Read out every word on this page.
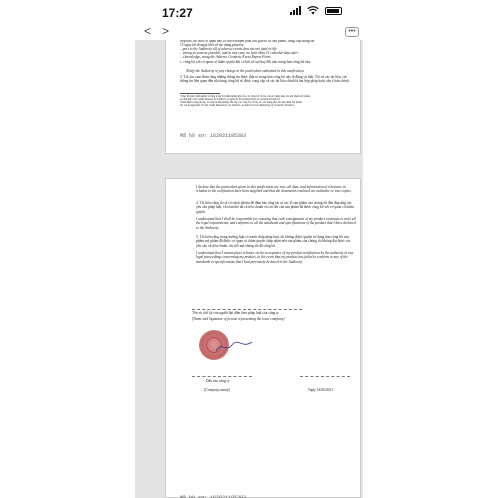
17:27
< >	•••
hợp nào, thì mỗi cơ quan này có trách nhiệm phải lưu giữ hồ sơ sản phẩm, cung cấp thông tin
15 ngày kể từ ngày biết về tác dụng phụ này.
...port to the Authority all of adverse events that are not fatal or life
...tening as soon as possible, and in any case, no later than 15 calendar days after
...t knowledge, using the Adverse Cosmetic Event Report Form;
c. công bố với cơ quan có thẩm quyền khi có bất cứ sự thay đổi nào trong bản công bố này.
Notify the Authority of any change in the particulars submitted in this notification.
3. Tôi xin cam đoan rằng những thông tin được đưa ra trong bản công bố này là đúng sự thật. Tôi và các tài liệu, các thông tin liên quan đến nội dung công bố sẽ được cung cấp và các tài liệu chính là hai hợp pháp hoặc sẵn ý bản chính.
¹ Mục đã được định nghĩa về rằng trong Tài liệu hướng dẫn cho các công bố về báo cáo tác dụng phụ của sản phẩm mỹ phẩm.
As defined in the Guide Manual for Industry on Adverse Event Reporting of Cosmetics Products
² Định hiện trong phụ lục I trong tài liệu hướng dẫn cho các công bố về báo cáo tác dụng phụ của sản phẩm mỹ phẩm.
Set out in Appendix I in the Guide Manual for the Industry on Adverse Event Reporting of Cosmetics Products
Mã hồ sơ: 162021185383
I declare that the particulars given in this notification are true, all data, and information of relevance in relation to the notification have been supplied and that the documents enclosed are authentic or true copies.
4. Tôi hiểu rằng tôi sẽ có trách nhiệm để đảm bảo rằng tất cả các lô sản phẩm của chúng tôi đều đáp ứng các yêu cầu pháp luật, và toàn thể tất cả tiêu chuẩn và chi tiết của sản phẩm đã được công bố với cơ quan có thẩm quyền.
I understand that I shall be responsible for ensuring that each consignment of my product continues to meet all the legal requirements, and conforms to all the standards and specifications of the product that I have declared to the Authority.
5. Tôi hiểu rằng trong trường hợp có tranh chấp pháp luật, tôi không được quyền sử dụng bản công bố sản phẩm mỹ phẩm đã được cơ quan có thẩm quyền chấp nhận nếu sản phẩm của chúng tôi không đạt được các yêu cầu về tiêu chuẩn, chi tiết mà chúng tôi đã công bố.
I understand that I cannot place reliance on the acceptance of my product notification by the authority in any legal proceedings concerning my product, in the event that my product has failed to conform to any of the standards or specifications that I had previously declared to the Authority.
Tên và chữ ký của người đại diện theo pháp luật của công ty
[Name and Signature of person representing the local company]
Dấu của công ty
[Company stamp]	Ngày 14/06/2021
Mã hồ sơ: 162021185383
